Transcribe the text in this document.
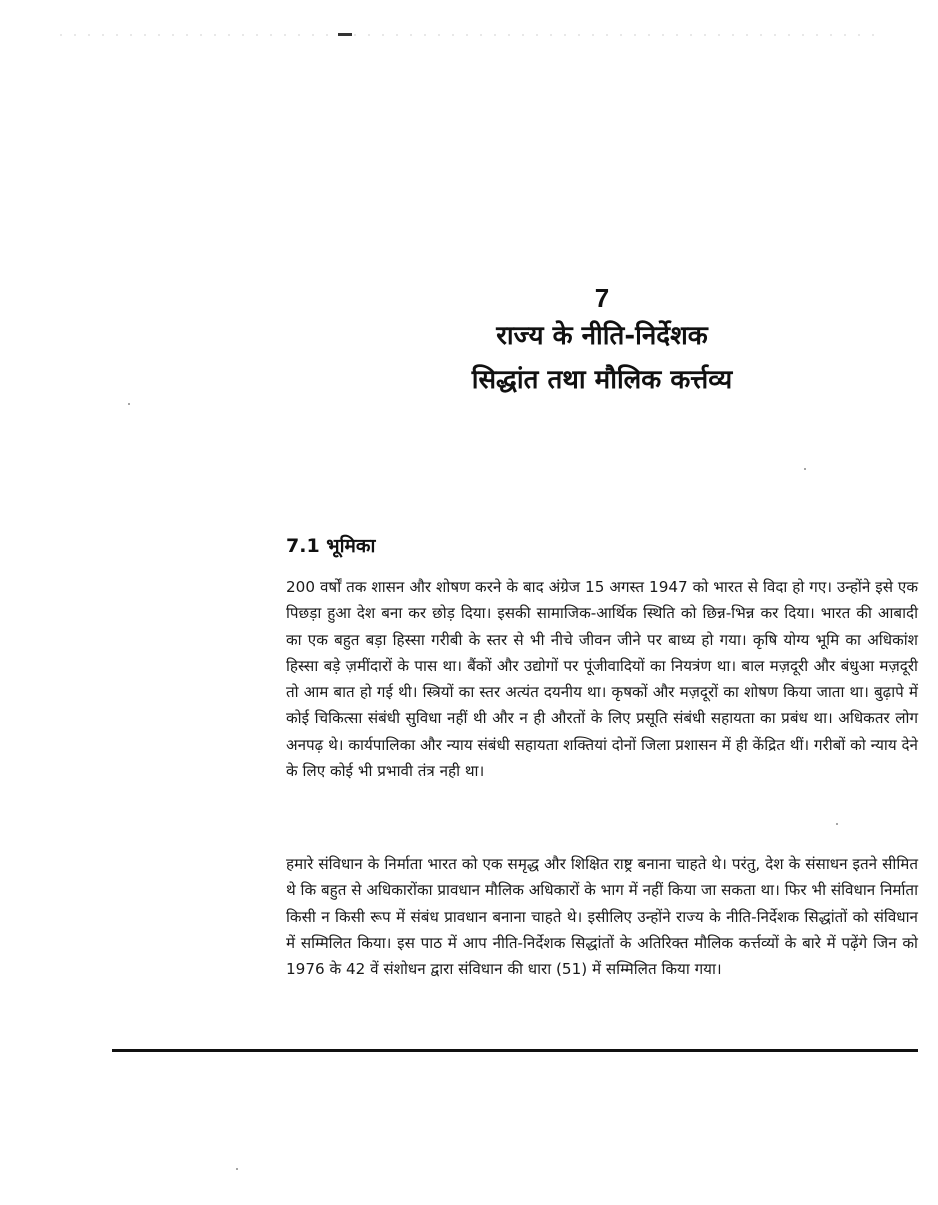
7
राज्य के नीति-निर्देशक
सिद्धांत तथा मौलिक कर्त्तव्य
7.1 भूमिका

200 वर्षों तक शासन और शोषण करने के बाद अंग्रेज 15 अगस्त 1947 को भारत से विदा हो गए। उन्होंने इसे एक पिछड़ा हुआ देश बना कर छोड़ दिया। इसकी सामाजिक-आर्थिक स्थिति को छिन्न-भिन्न कर दिया। भारत की आबादी का एक बहुत बड़ा हिस्सा गरीबी के स्तर से भी नीचे जीवन जीने पर बाध्य हो गया। कृषि योग्य भूमि का अधिकांश हिस्सा बड़े ज़मींदारों के पास था। बैंकों और उद्योगों पर पूंजीवादियों का नियत्रंण था। बाल मज़दूरी और बंधुआ मज़दूरी तो आम बात हो गई थी। स्त्रियों का स्तर अत्यंत दयनीय था। कृषकों और मज़दूरों का शोषण किया जाता था। बुढ़ापे में कोई चिकित्सा संबंधी सुविधा नहीं थी और न ही औरतों के लिए प्रसूति संबंधी सहायता का प्रबंध था। अधिकतर लोग अनपढ़ थे। कार्यपालिका और न्याय संबंधी सहायता शक्तियां दोनों जिला प्रशासन में ही केंद्रित थीं। गरीबों को न्याय देने के लिए कोई भी प्रभावी तंत्र नही था।

हमारे संविधान के निर्माता भारत को एक समृद्ध और शिक्षित राष्ट्र बनाना चाहते थे। परंतु, देश के संसाधन इतने सीमित थे कि बहुत से अधिकारोंका प्रावधान मौलिक अधिकारों के भाग में नहीं किया जा सकता था। फिर भी संविधान निर्माता किसी न किसी रूप में संबंध प्रावधान बनाना चाहते थे। इसीलिए उन्होंने राज्य के नीति-निर्देशक सिद्धांतों को संविधान में सम्मिलित किया। इस पाठ में आप नीति-निर्देशक सिद्धांतों के अतिरिक्त मौलिक कर्त्तव्यों के बारे में पढ़ेंगे जिन को 1976 के 42 वें संशोधन द्वारा संविधान की धारा (51) में सम्मिलित किया गया।
